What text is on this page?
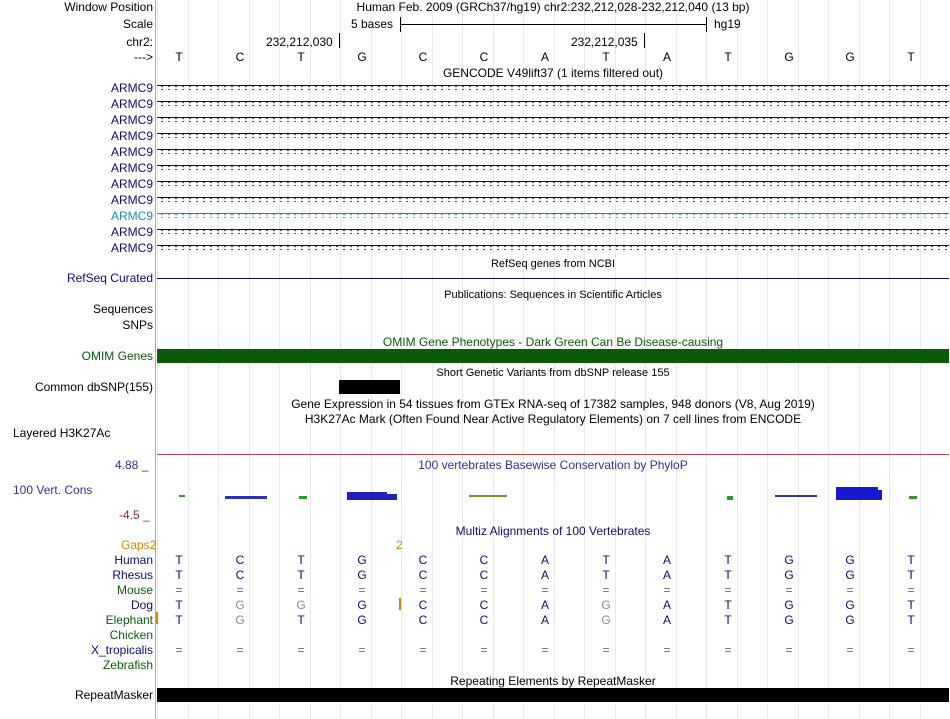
Window Position	Human Feb. 2009 (GRCh37/hg19) chr2:232,212,028-232,212,040 (13 bp)
Scale	5 bases	hg19
chr2:	232,212,030	232,212,035
---> T	C	T	G	C	C	A	T	A	T	G	G	T
GENCODE V49lift37 (1 items filtered out)
ARMC9
ARMC9
ARMC9
ARMC9
ARMC9
ARMC9
ARMC9
ARMC9
ARMC9
ARMC9
ARMC9
RefSeq genes from NCBI
RefSeq Curated
Publications: Sequences in Scientific Articles
Sequences
SNPs
OMIM Gene Phenotypes - Dark Green Can Be Disease-causing
OMIM Genes
Short Genetic Variants from dbSNP release 155
Common dbSNP(155)
Gene Expression in 54 tissues from GTEx RNA-seq of 17382 samples, 948 donors (V8, Aug 2019)
H3K27Ac Mark (Often Found Near Active Regulatory Elements) on 7 cell lines from ENCODE
Layered H3K27Ac
4.88 _	100 vertebrates Basewise Conservation by PhyloP
100 Vert. Cons
-4.5 _
Multiz Alignments of 100 Vertebrates
Gaps2	2
Human T	C	T	G	C	C	A	T	A	T	G	G	T
Rhesus T	C	T	G	C	C	A	T	A	T	G	G	T
Mouse =	=	=	=	=	=	=	=	=	=	=	=	=
Dog T	G	G	G	C	C	A	G	A	T	G	G	T
Elephant T	G	T	G	C	C	A	G	A	T	G	G	T
Chicken
X_tropicalis =	=	=	=	=	=	=	=	=	=	=	=	=
Zebrafish
Repeating Elements by RepeatMasker
RepeatMasker
